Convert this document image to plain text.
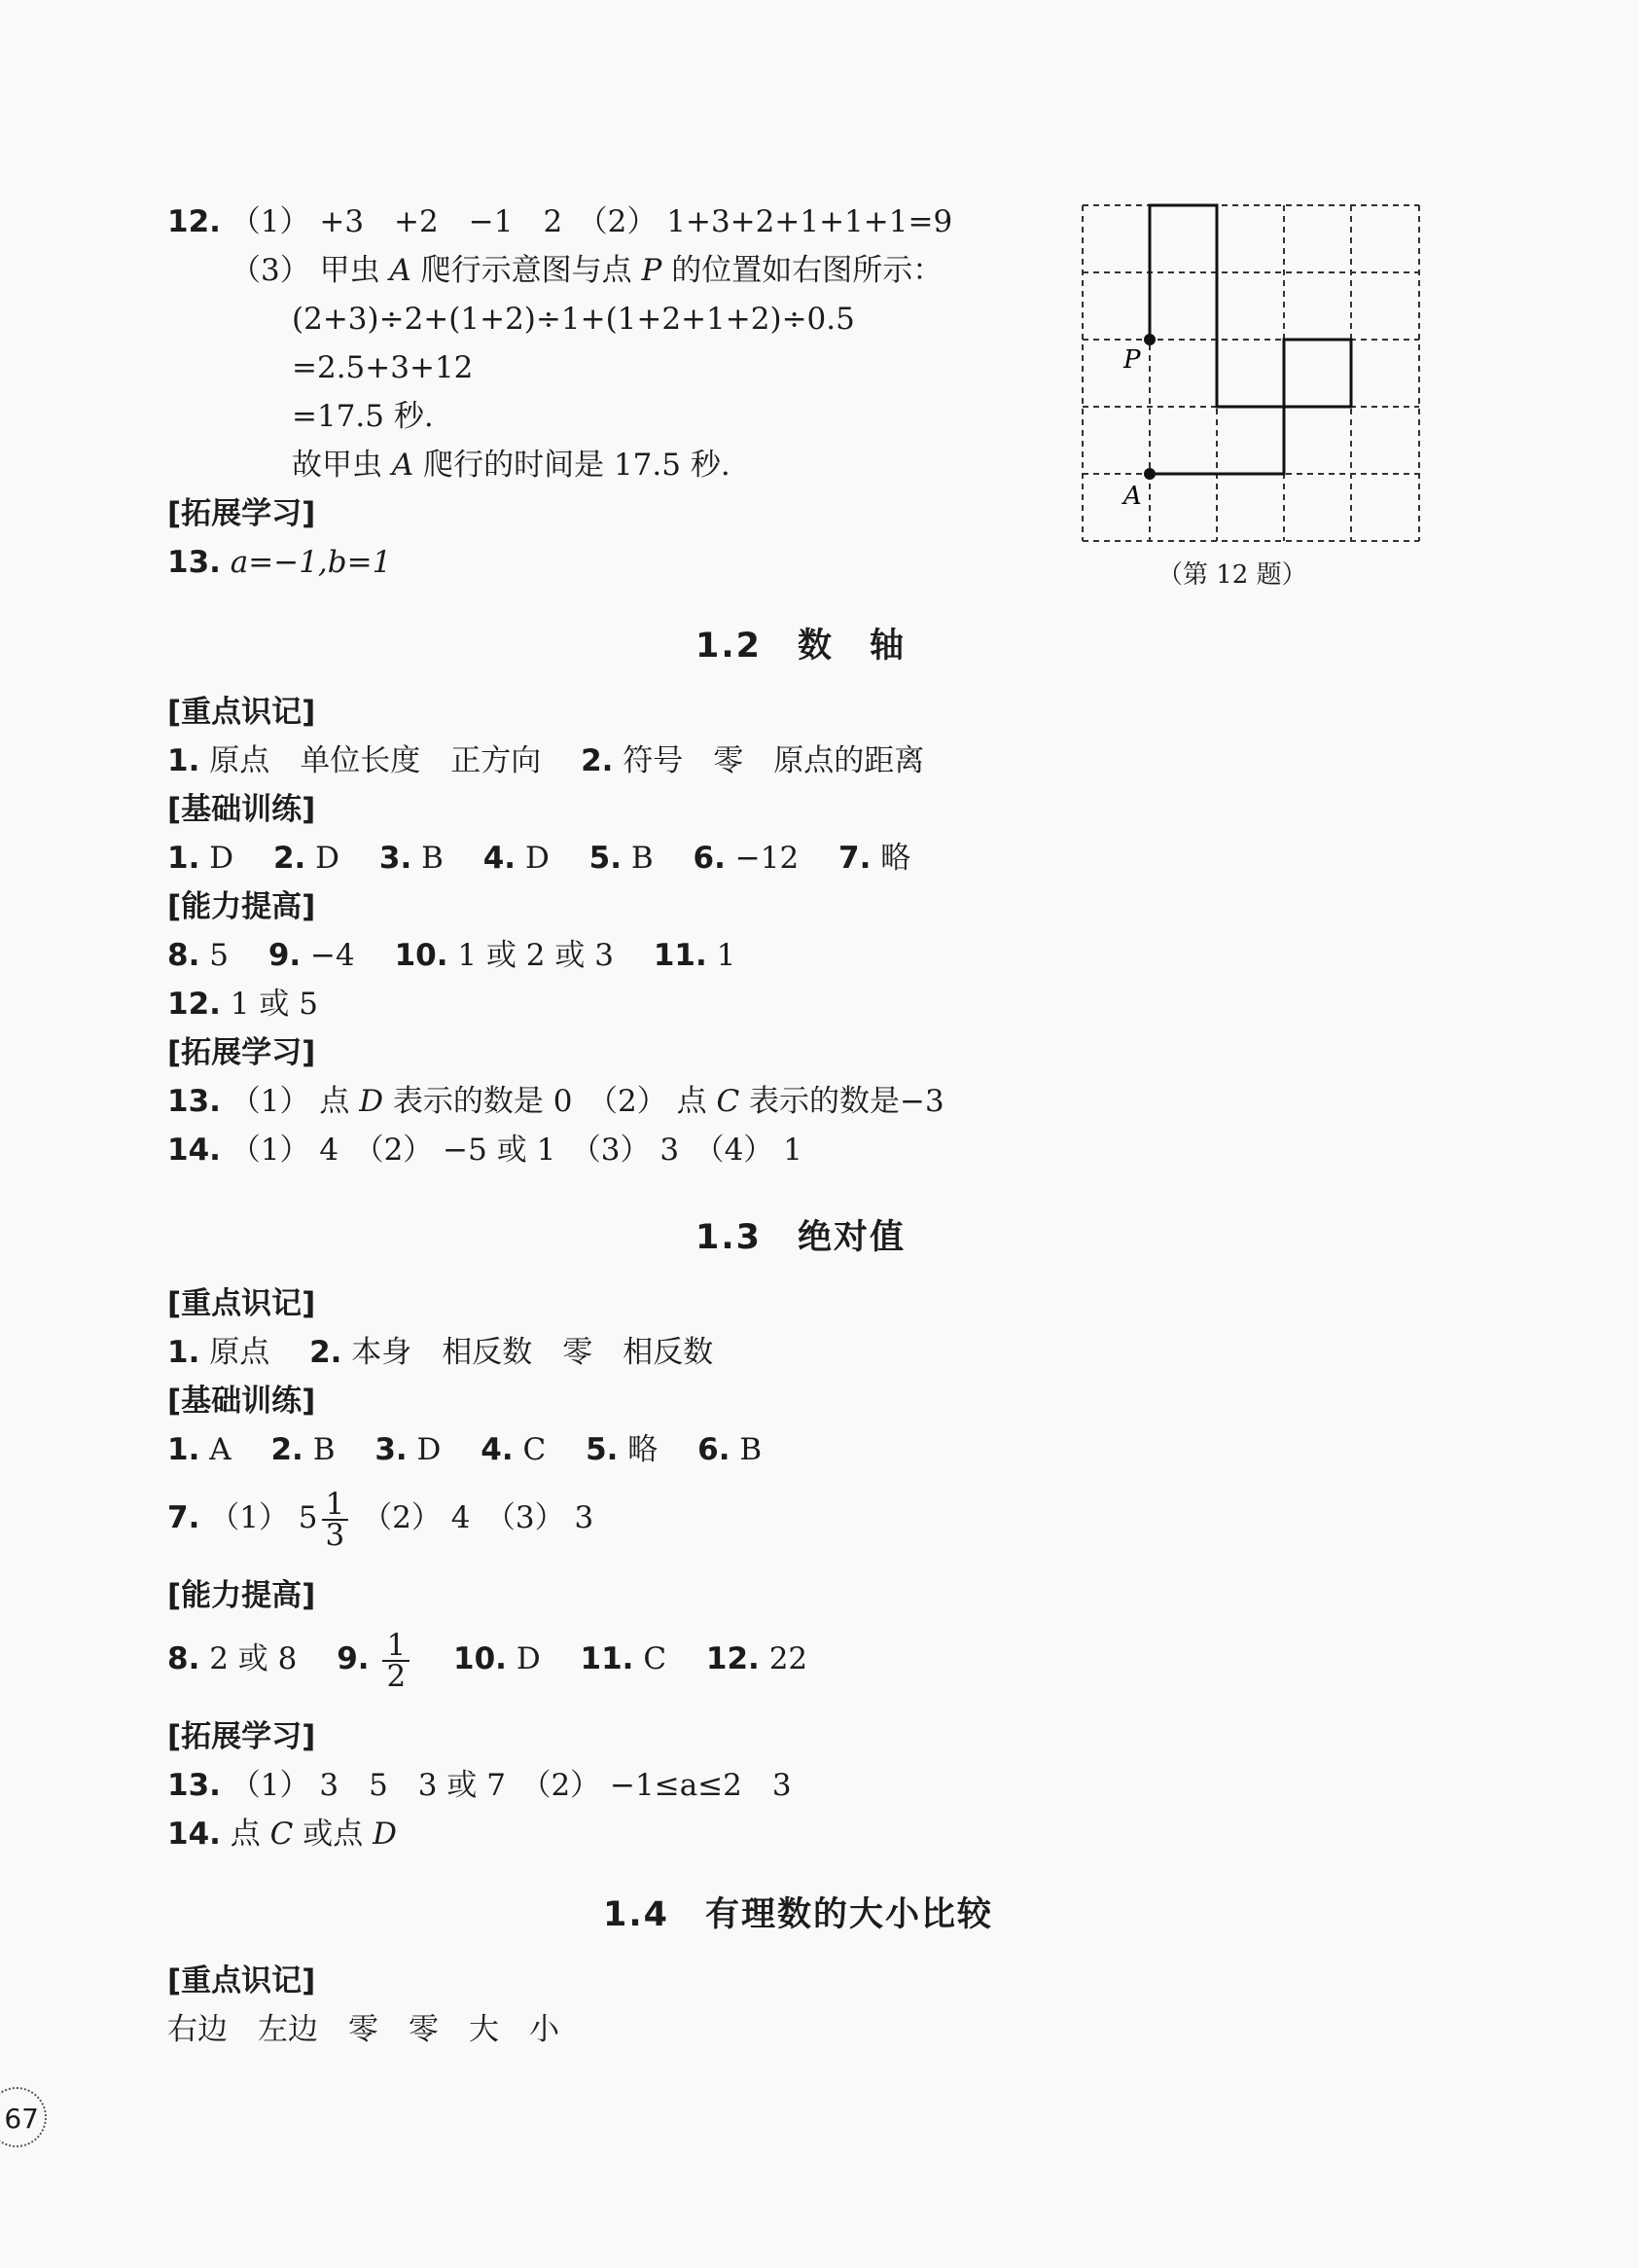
12. （1） +3　+2　−1　2　（2） 1+3+2+1+1+1=9
（3） 甲虫 A 爬行示意图与点 P 的位置如右图所示：
(2+3)÷2+(1+2)÷1+(1+2+1+2)÷0.5
=2.5+3+12
=17.5 秒.
故甲虫 A 爬行的时间是 17.5 秒.
[拓展学习]
13. a=−1,b=1
P
A
（第 12 题）
1.2　数　轴
[重点识记]
1. 原点　单位长度　正方向　 2. 符号　零　原点的距离
[基础训练]
1. D　 2. D　 3. B　 4. D　 5. B　 6. −12　 7. 略
[能力提高]
8. 5　 9. −4　 10. 1 或 2 或 3　 11. 1
12. 1 或 5
[拓展学习]
13. （1） 点 D 表示的数是 0　（2） 点 C 表示的数是−3
14. （1） 4　（2） −5 或 1　（3） 3　（4） 1
1.3　绝对值
[重点识记]
1. 原点　 2. 本身　相反数　零　相反数
[基础训练]
1. A　 2. B　 3. D　 4. C　 5. 略　 6. B
7. （1） $5 \frac{1}{3} (2)$ 4　（3） 3
[能力提高]
8. 2 或 8　 9. $\frac{1}{2}$
　 10. D　 11. C　 12. 22
[拓展学习]
13. （1） 3　5　3 或 7　（2） −1≤a≤2　3
14. 点 C 或点 D
1.4　有理数的大小比较
[重点识记]
右边　左边　零　零　大　小
67
